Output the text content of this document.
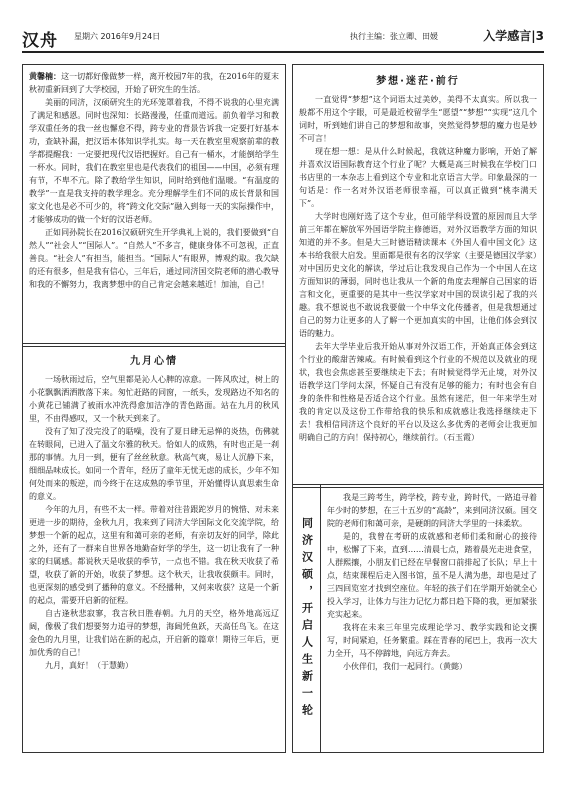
汉舟 星期六 2016年9月24日	执行主编：张立卿、田媛	入学感言|3

黄馨楠：这一切都好像做梦一样，离开校园7年的我，在2016年的夏末秋初重新回到了大学校园，开始了研究生的生活。

美丽的同济，汉硕研究生的光环笼罩着我，不得不说我的心里充满了满足和感恩。同时也深知：长路漫漫，任重而道远。前负着学习和教学双重任务的我一丝也懈怠不得，跨专业的背景告诉我一定要打好基本功，查缺补漏，把汉语本体知识学扎实。每一天在教室里观察前辈的教学都提醒我：一定要把现代汉语把握好。自己有一桶水，才能倒给学生一杯水。同时，我们在教室里也是代表我们的祖国——中国，必须有理有节，不卑不亢。除了教给学生知识，同时给到他们温暖。“有温度的教学”一直是我支持的教学理念。充分理解学生们不同的成长背景和国家文化也是必不可少的，将“跨文化交际”融入到每一天的实际操作中，才能够成功的做一个好的汉语老师。

正如同孙院长在2016汉硕研究生开学典礼上说的，我们要做到“自然人”“社会人”“国际人”。“自然人”不多言，健康身体不可忽视，正直善良。“社会人”有担当，能担当。“国际人”有眼界，博观约取。我欠缺的还有很多，但是我有信心，三年后，通过同济国交院老师的潜心教导和我的不懈努力，我离梦想中的自己肯定会越来越近！加油，自己！

九月心情

一场秋雨过后，空气里都是沁人心脾的凉意。一阵风吹过，树上的小花飘飘洒洒散落下来。匆忙赶路的同窗，一纸头，发现路边不知名的小黄花已铺满了被雨水冲洗得愈加洁净的青色路面。站在九月的秋风里，不由得感叹，又一个秋天到来了。

没有了知了没完没了的聒噪，没有了夏日肆无忌惮的炎热，伤佛就在转眼间，已进入了温文尔雅的秋天。恰如人的成熟，有时也正是一刹那的事情。九月一到，便有了丝丝秋意。秋高气爽，易让人沉静下来，细细品味成长。如同一个青年，经历了童年无忧无虑的成长，少年不知何处而来的叛逆，而今终于在这成熟的季节里，开始懂得认真思索生命的意义。

今年的九月，有些不太一样。带着对往昔跟跎岁月的惋惜、对未来更进一步的期待，金秋九月，我来到了同济大学国际文化交流学院，给梦想一个新的起点，这里有和蔼可亲的老师，有亲切友好的同学，除此之外，还有了一群来自世界各地勤奋好学的学生，这一切让我有了一种家的归属感。都说秋天是收获的季节，一点也不错。我在秋天收获了希望，收获了新的开始，收获了梦想。这个秋天，让我收获颇丰。同时，也更深刻的感受到了播种的意义。不经播种，又何来收获？这是一个新的起点，需要开启新的征程。

自古逢秋悲寂寥，我言秋日胜春朝。九月的天空，格外地高远辽阔，像极了我们想要努力追寻的梦想，海阔凭鱼跃，天高任鸟飞。在这金色的九月里，让我们站在新的起点，开启新的篇章！期待三年后，更加优秀的自己！

九月，真好！（于慧勤）

梦想·迷茫·前行

一直觉得“梦想”这个词语太过美妙，美得不太真实。所以我一般都不用这个字眼，可是最近校留学生“愿望”“梦想”“实现”这几个词时，听到她们讲自己的梦想和故事，突然觉得梦想的魔力也是妙不可言！

现在想一想：是从什么时候起，我就这种魔力影响，开始了解并喜欢汉语国际教育这个行业了呢？大概是高三时候我在学校门口书店里的一本杂志上看到这个专业和北京语言大学。印象最深的一句话是：作一名对外汉语老师很幸福，可以真正做到“桃李满天下”。

大学时也刚好选了这个专业，但可能学科设置的原因而且大学前三年都在解放军外国语学院主修德语，对外汉语教学方面的知识知道的并不多。但是大三时德语精读课本《外国人看中国文化》这本书给我很大启发。里面都是很有名的汉学家（主要是德国汉学家）对中国历史文化的解读，学过后让我发现自己作为一个中国人在这方面知识的薄弱，同时也让我从一个新的角度去理解自己国家的语言和文化，更重要的是其中一些汉学家对中国的误读引起了我的兴趣。我不想说也不敢说我要做一个中华文化传播者，但是我想通过自己的努力让更多的人了解一个更加真实的中国，让他们体会到汉语的魅力。

去年大学毕业后我开始从事对外汉语工作，开始真正体会到这个行业的酸甜苦辣咸。有时候看到这个行业的不规范以及就业的现状，我也会焦虑甚至要继续走下去；有时候觉得学无止境，对外汉语教学这门学问太深，怀疑自己有没有足够的能力；有时也会有自身的条件和性格是否适合这个行业。虽然有迷茫，但一年来学生对我的肯定以及这份工作带给我的快乐和成就感让我选择继续走下去！我相信同济这个良好的平台以及这么多优秀的老师会让我更加明确自己的方向！保持初心，继续前行。（石玉霞）

同济汉硕，开启人生新一轮

我是三跨考生，跨学校，跨专业，跨时代，一路追寻着年少时的梦想，在三十五岁的“高龄”，来到同济汉硕。国交院的老师们和蔼可亲，是硬朗的同济大学里的一抹柔软。

是的，我曾在考研的成就感和老师们柔和耐心的接待中，松懈了下来，直到……清晨七点，踏着晨光走进食堂，人群熙攘，小朋友们已经在早餐窗口前排起了长队；早上十点，结束课程后走入图书馆，虽不是人满为患，却也是过了三四回览室才找到空座位。年轻的孩子们在学期开始就全心投入学习，让体力与注力记忆力都日趋下降的我，更加紧张充实起来。

我将在未来三年里完成理论学习、教学实践和论文撰写，时间紧迫，任务繁重。踩在青春的尾巴上，我再一次大力全开，马不停蹄地，向远方奔去。

小伙伴们，我们一起同行。（黄懿）
